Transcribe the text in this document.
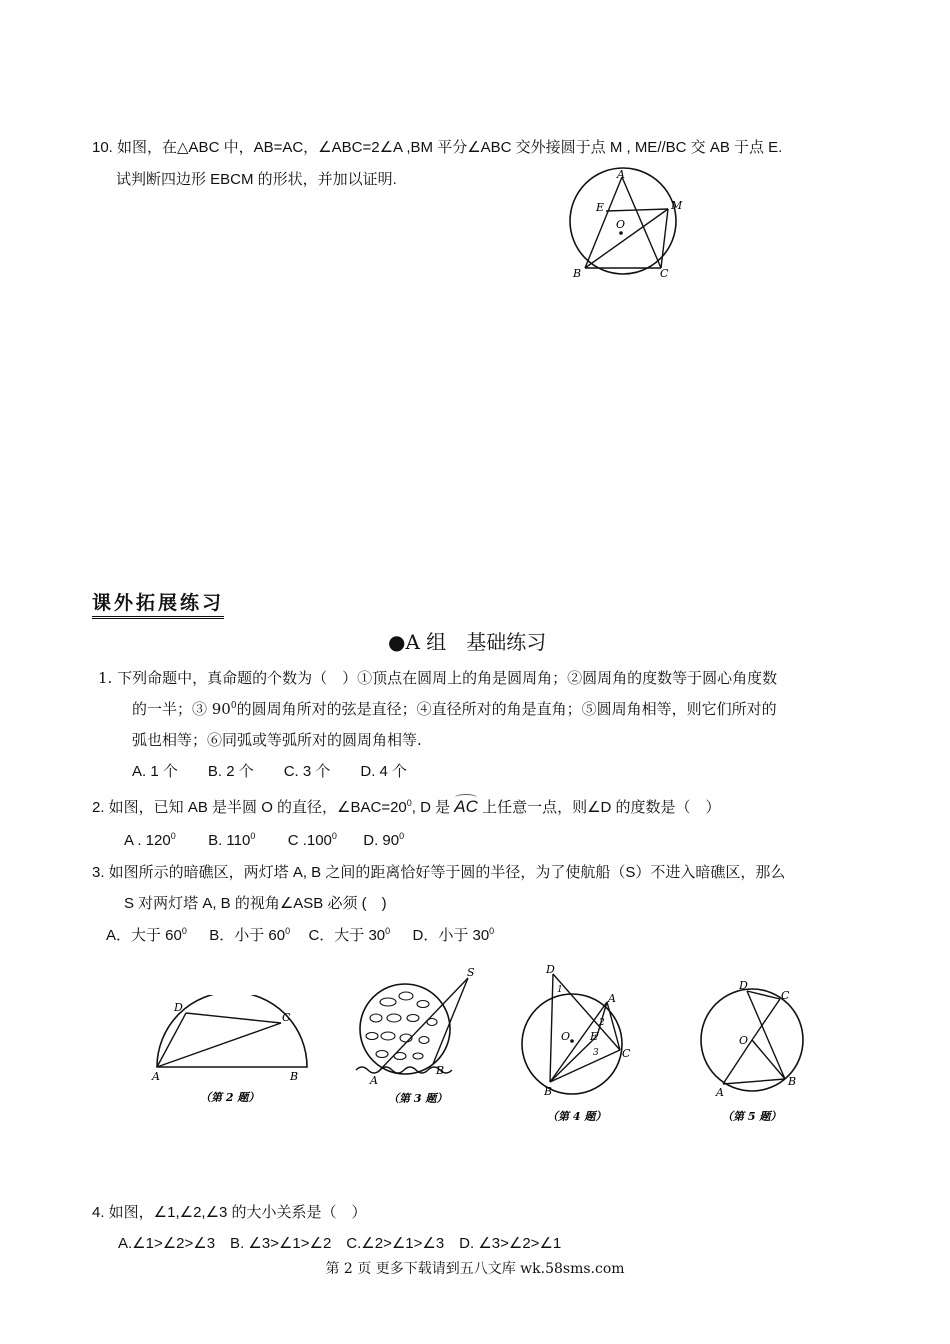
10. 如图，在△ABC 中，AB=AC，∠ABC=2∠A ,BM 平分∠ABC 交外接圆于点 M , ME//BC 交 AB 于点 E.
试判断四边形 EBCM 的形状，并加以证明.	A
E	M
O
B	C
课外拓展练习
●A 组　基础练习
1. 下列命题中，真命题的个数为（　）①顶点在圆周上的角是圆周角；②圆周角的度数等于圆心角度数
的一半；③ $90^0$的圆周角所对的弦是直径；④直径所对的角是直角；⑤圆周角相等，则它们所对的
弧也相等；⑥同弧或等弧所对的圆周角相等.
A. 1 个　　B. 2 个　　C. 3 个　　D. 4 个
2. 如图，已知 AB 是半圆 O 的直径，$\angle BAC=20^0$, D 是 AC 上任意一点，则∠D 的度数是（　）
A . $120^0$ B. $110^0$ C .100$^0$ D. $90^0$
3. 如图所示的暗礁区，两灯塔 A, B 之间的距离恰好等于圆的半径，为了使航船（S）不进入暗礁区，那么
S 对两灯塔 A, B 的视角∠ASB 必须 (　)
A．大于 $60^0$ B．小于 $60^0$ C．大于 $30^0$ D．小于 $30^0$
D
C
A	B
（第 2 题）
S
A
B
（第 3 题）
D
1
A
2
O E
3 C
B
（第 4 题）
D
C
O
A
B
（第 5 题）
4. 如图，∠1,∠2,∠3 的大小关系是（　）
A.∠1>∠2>∠3　B. ∠3>∠1>∠2　C.∠2>∠1>∠3　D. ∠3>∠2>∠1
第 2 页 更多下载请到五八文库 wk.58sms.com
